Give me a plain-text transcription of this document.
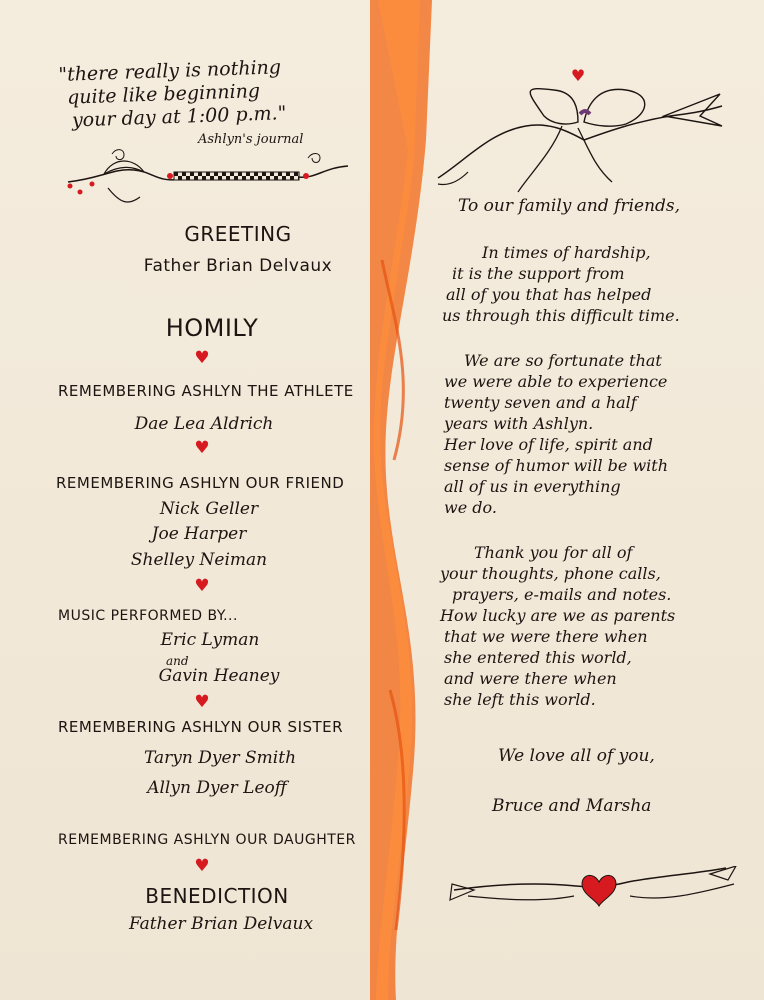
"there really is nothing
quite like beginning
your day at 1:00 p.m."
Ashlyn's journal
GREETING
Father Brian Delvaux
HOMILY
♥
REMEMBERING ASHLYN THE ATHLETE
Dae Lea Aldrich
♥
REMEMBERING ASHLYN OUR FRIEND
Nick Geller
Joe Harper
Shelley Neiman
♥
MUSIC PERFORMED BY...
Eric Lyman
and
Gavin Heaney
♥
REMEMBERING ASHLYN OUR SISTER
Taryn Dyer Smith
Allyn Dyer Leoff
REMEMBERING ASHLYN OUR DAUGHTER
♥
BENEDICTION
Father Brian Delvaux
♥
To our family and friends,
In times of hardship,
it is the support from
all of you that has helped
us through this difficult time.
We are so fortunate that
we were able to experience
twenty seven and a half
years with Ashlyn.
Her love of life, spirit and
sense of humor will be with
all of us in everything
we do.
Thank you for all of
your thoughts, phone calls,
prayers, e-mails and notes.
How lucky are we as parents
that we were there when
she entered this world,
and were there when
she left this world.
We love all of you,
Bruce and Marsha
